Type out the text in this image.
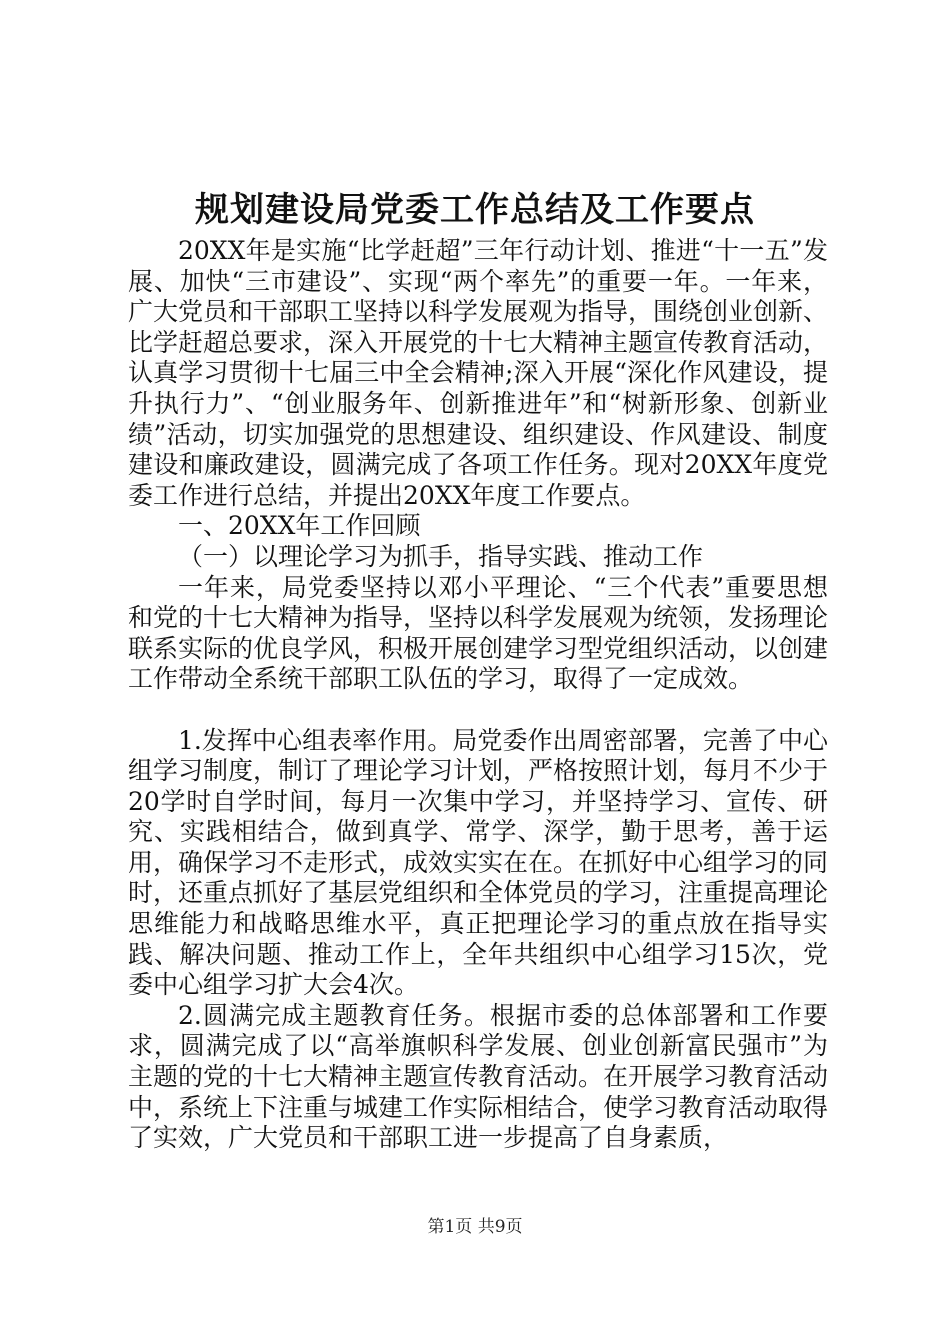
规划建设局党委工作总结及工作要点

20XX年是实施“比学赶超”三年行动计划、推进“十一五”发展、加快“三市建设”、实现“两个率先”的重要一年。一年来，广大党员和干部职工坚持以科学发展观为指导，围绕创业创新、比学赶超总要求，深入开展党的十七大精神主题宣传教育活动，认真学习贯彻十七届三中全会精神;深入开展“深化作风建设，提升执行力”、“创业服务年、创新推进年”和“树新形象、创新业绩”活动，切实加强党的思想建设、组织建设、作风建设、制度建设和廉政建设，圆满完成了各项工作任务。现对20XX年度党委工作进行总结，并提出20XX年度工作要点。

一、20XX年工作回顾

（一）以理论学习为抓手，指导实践、推动工作

一年来，局党委坚持以邓小平理论、“三个代表”重要思想和党的十七大精神为指导，坚持以科学发展观为统领，发扬理论联系实际的优良学风，积极开展创建学习型党组织活动，以创建工作带动全系统干部职工队伍的学习，取得了一定成效。

1.发挥中心组表率作用。局党委作出周密部署，完善了中心组学习制度，制订了理论学习计划，严格按照计划，每月不少于20学时自学时间，每月一次集中学习，并坚持学习、宣传、研究、实践相结合，做到真学、常学、深学，勤于思考，善于运用，确保学习不走形式，成效实实在在。在抓好中心组学习的同时，还重点抓好了基层党组织和全体党员的学习，注重提高理论思维能力和战略思维水平，真正把理论学习的重点放在指导实践、解决问题、推动工作上，全年共组织中心组学习15次，党委中心组学习扩大会4次。

2.圆满完成主题教育任务。根据市委的总体部署和工作要求，圆满完成了以“高举旗帜科学发展、创业创新富民强市”为主题的党的十七大精神主题宣传教育活动。在开展学习教育活动中，系统上下注重与城建工作实际相结合，使学习教育活动取得了实效，广大党员和干部职工进一步提高了自身素质，

第1页 共9页
